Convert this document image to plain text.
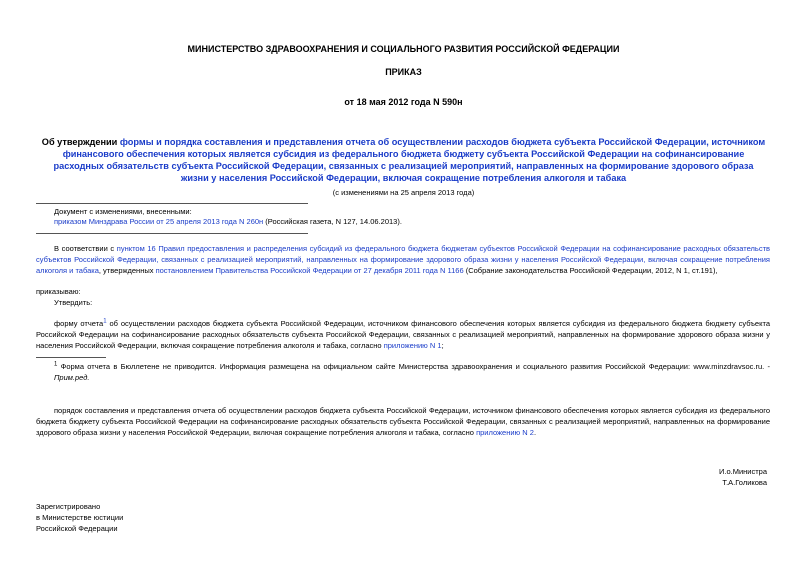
МИНИСТЕРСТВО ЗДРАВООХРАНЕНИЯ И СОЦИАЛЬНОГО РАЗВИТИЯ РОССИЙСКОЙ ФЕДЕРАЦИИ
ПРИКАЗ
от 18 мая 2012 года N 590н
Об утверждении формы и порядка составления и представления отчета об осуществлении расходов бюджета субъекта Российской Федерации, источником финансового обеспечения которых является субсидия из федерального бюджета бюджету субъекта Российской Федерации на софинансирование расходных обязательств субъекта Российской Федерации, связанных с реализацией мероприятий, направленных на формирование здорового образа жизни у населения Российской Федерации, включая сокращение потребления алкоголя и табака
(с изменениями на 25 апреля 2013 года)
Документ с изменениями, внесенными:
приказом Минздрава России от 25 апреля 2013 года N 260н (Российская газета, N 127, 14.06.2013).
В соответствии с пунктом 16 Правил предоставления и распределения субсидий из федерального бюджета бюджетам субъектов Российской Федерации на софинансирование расходных обязательств субъектов Российской Федерации, связанных с реализацией мероприятий, направленных на формирование здорового образа жизни у населения Российской Федерации, включая сокращение потребления алкоголя и табака, утвержденных постановлением Правительства Российской Федерации от 27 декабря 2011 года N 1166 (Собрание законодательства Российской Федерации, 2012, N 1, ст.191),
приказываю:
Утвердить:
форму отчета$^1$ об осуществлении расходов бюджета субъекта Российской Федерации, источником финансового обеспечения которых является субсидия из федерального бюджета бюджету субъекта Российской Федерации на софинансирование расходных обязательств субъекта Российской Федерации, связанных с реализацией мероприятий, направленных на формирование здорового образа жизни у населения Российской Федерации, включая сокращение потребления алкоголя и табака, согласно приложению N 1;
$^1$ Форма отчета в Бюллетене не приводится. Информация размещена на официальном сайте Министерства здравоохранения и социального развития Российской Федерации: www.minzdravsoc.ru. - Прим.ред.
порядок составления и представления отчета об осуществлении расходов бюджета субъекта Российской Федерации, источником финансового обеспечения которых является субсидия из федерального бюджета бюджету субъекта Российской Федерации на софинансирование расходных обязательств субъекта Российской Федерации, связанных с реализацией мероприятий, направленных на формирование здорового образа жизни у населения Российской Федерации, включая сокращение потребления алкоголя и табака, согласно приложению N 2.
И.о.Министра
Т.А.Голикова
Зарегистрировано
в Министерстве юстиции
Российской Федерации
